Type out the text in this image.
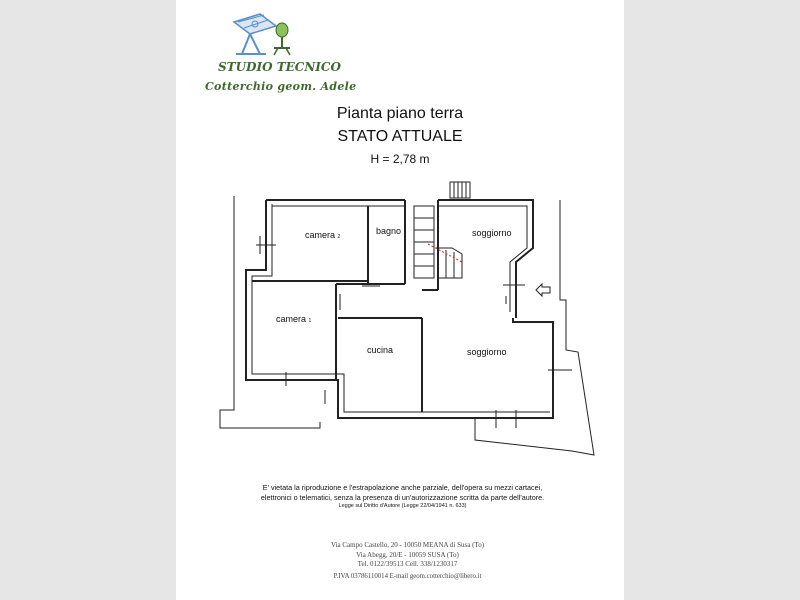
STUDIO TECNICO
Cotterchio geom. Adele
Pianta piano terra
STATO ATTUALE
H = 2,78 m
camera 2
bagno	soggiorno
camera 1
cucina	soggiorno
E' vietata la riproduzione e l'estrapolazione anche parziale, dell'opera su mezzi cartacei,
elettronici o telematici, senza la presenza di un'autorizzazione scritta da parte dell'autore.
Legge sul Diritto d'Autore (Legge 22/04/1941 n. 633)
Via Campo Castello, 20 - 10050 MEANA di Susa (To)
Via Abegg, 20/E - 10059 SUSA (To)
Tel. 0122/39513 Cell. 338/1230317
P.IVA 03786110014 E-mail geom.cotterchio@libero.it
